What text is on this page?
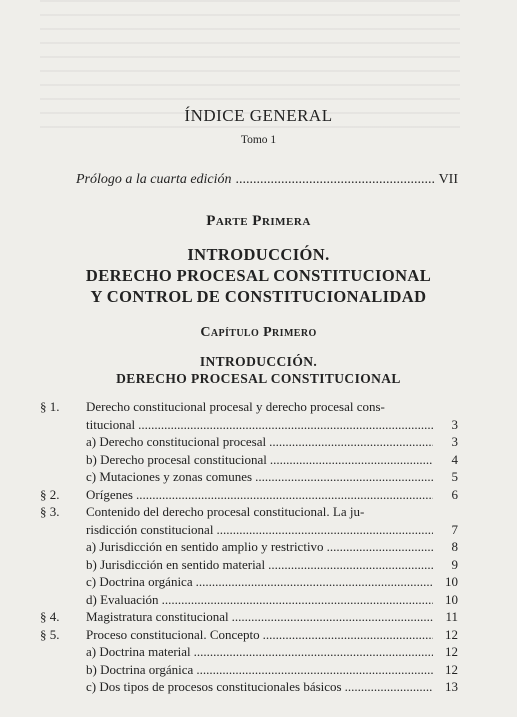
ÍNDICE GENERAL
Tomo 1
Prólogo a la cuarta edición .....	VII
Parte Primera
INTRODUCCIÓN.
DERECHO PROCESAL CONSTITUCIONAL
Y CONTROL DE CONSTITUCIONALIDAD
Capítulo Primero
INTRODUCCIÓN.
DERECHO PROCESAL CONSTITUCIONAL
§ 1.	Derecho constitucional procesal y derecho procesal cons-
titucional .....	3
a) Derecho constitucional procesal .....	3
b) Derecho procesal constitucional .....	4
c) Mutaciones y zonas comunes .....	5
§ 2.	Orígenes .....	6
§ 3.	Contenido del derecho procesal constitucional. La ju-
risdicción constitucional .....	7
a) Jurisdicción en sentido amplio y restrictivo .....	8
b) Jurisdicción en sentido material .....	9
c) Doctrina orgánica .....	10
d) Evaluación .....	10
§ 4.	Magistratura constitucional .....	11
§ 5.	Proceso constitucional. Concepto .....	12
a) Doctrina material .....	12
b) Doctrina orgánica .....	12
c) Dos tipos de procesos constitucionales básicos .....	13
